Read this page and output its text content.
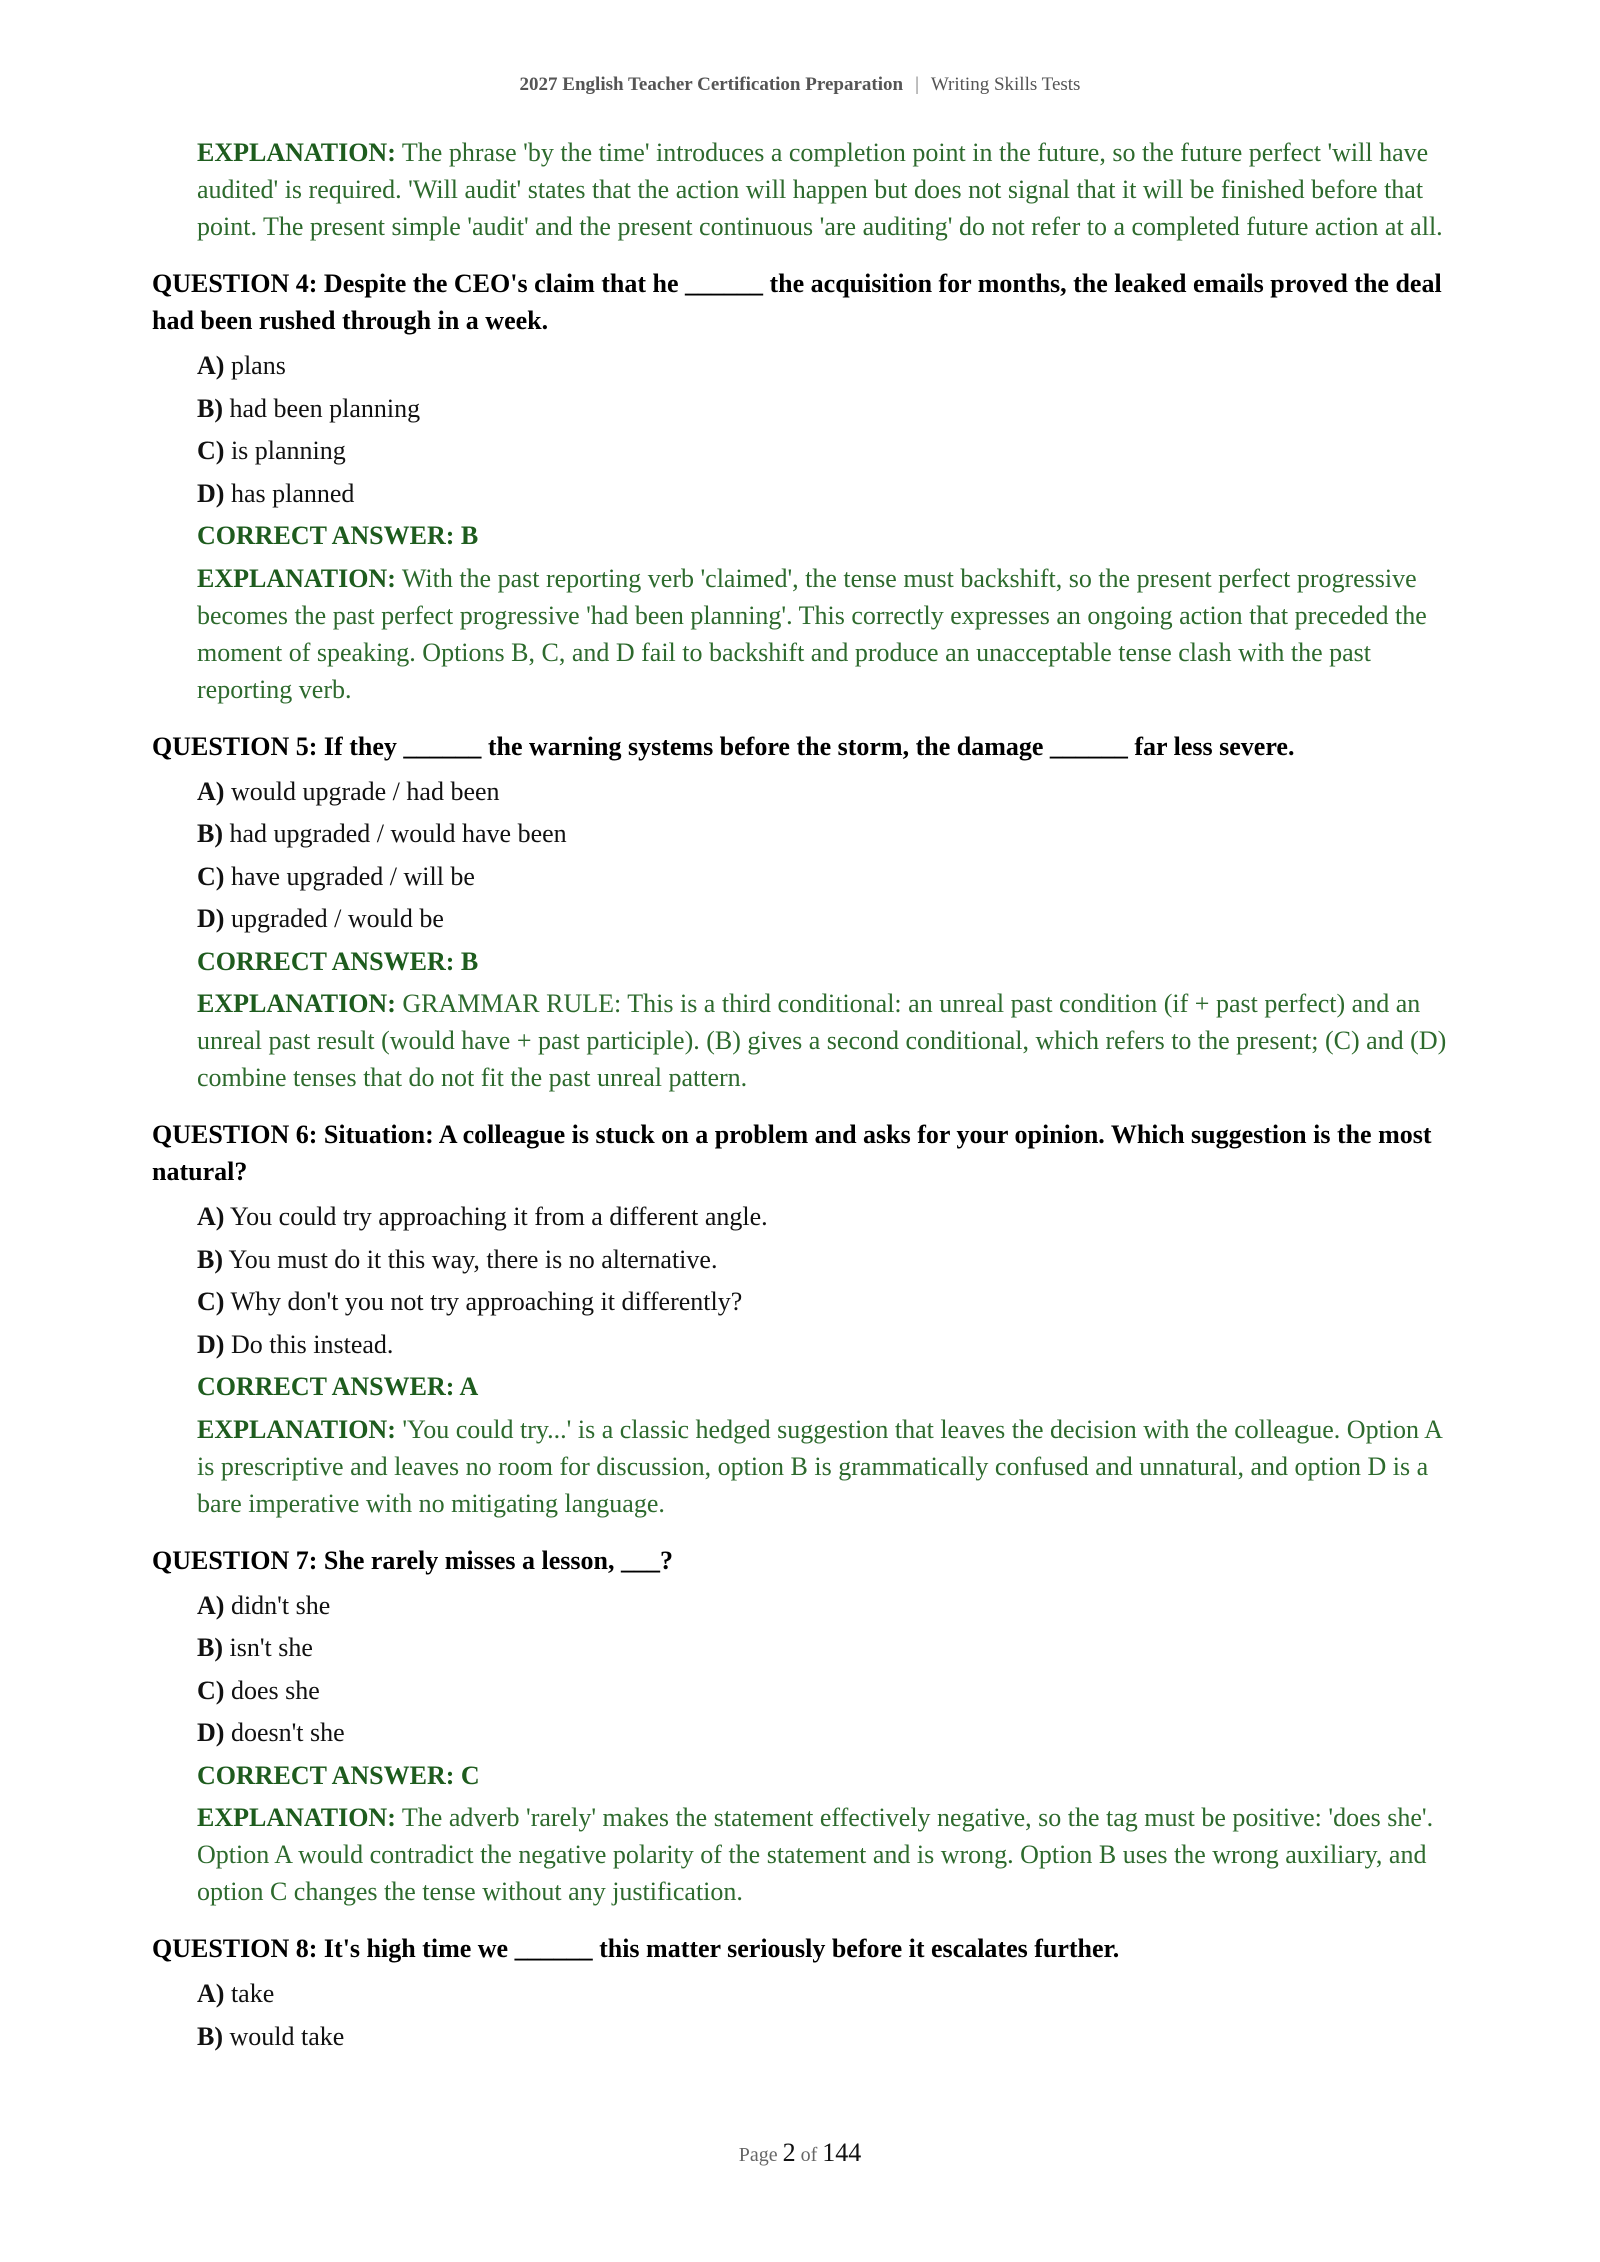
2027 English Teacher Certification Preparation | Writing Skills Tests

EXPLANATION: The phrase 'by the time' introduces a completion point in the future, so the future perfect 'will have audited' is required. 'Will audit' states that the action will happen but does not signal that it will be finished before that point. The present simple 'audit' and the present continuous 'are auditing' do not refer to a completed future action at all.

QUESTION 4: Despite the CEO's claim that he ______ the acquisition for months, the leaked emails proved the deal had been rushed through in a week.

A) plans
B) had been planning
C) is planning
D) has planned
CORRECT ANSWER: B

EXPLANATION: With the past reporting verb 'claimed', the tense must backshift, so the present perfect progressive becomes the past perfect progressive 'had been planning'. This correctly expresses an ongoing action that preceded the moment of speaking. Options B, C, and D fail to backshift and produce an unacceptable tense clash with the past reporting verb.

QUESTION 5: If they ______ the warning systems before the storm, the damage ______ far less severe.

A) would upgrade / had been
B) had upgraded / would have been
C) have upgraded / will be
D) upgraded / would be
CORRECT ANSWER: B

EXPLANATION: GRAMMAR RULE: This is a third conditional: an unreal past condition (if + past perfect) and an unreal past result (would have + past participle). (B) gives a second conditional, which refers to the present; (C) and (D) combine tenses that do not fit the past unreal pattern.

QUESTION 6: Situation: A colleague is stuck on a problem and asks for your opinion. Which suggestion is the most natural?

A) You could try approaching it from a different angle.
B) You must do it this way, there is no alternative.
C) Why don't you not try approaching it differently?
D) Do this instead.
CORRECT ANSWER: A

EXPLANATION: 'You could try...' is a classic hedged suggestion that leaves the decision with the colleague. Option A is prescriptive and leaves no room for discussion, option B is grammatically confused and unnatural, and option D is a bare imperative with no mitigating language.

QUESTION 7: She rarely misses a lesson, ___?

A) didn't she
B) isn't she
C) does she
D) doesn't she
CORRECT ANSWER: C

EXPLANATION: The adverb 'rarely' makes the statement effectively negative, so the tag must be positive: 'does she'. Option A would contradict the negative polarity of the statement and is wrong. Option B uses the wrong auxiliary, and option C changes the tense without any justification.

QUESTION 8: It's high time we ______ this matter seriously before it escalates further.

A) take
B) would take
Page 2 of 144
